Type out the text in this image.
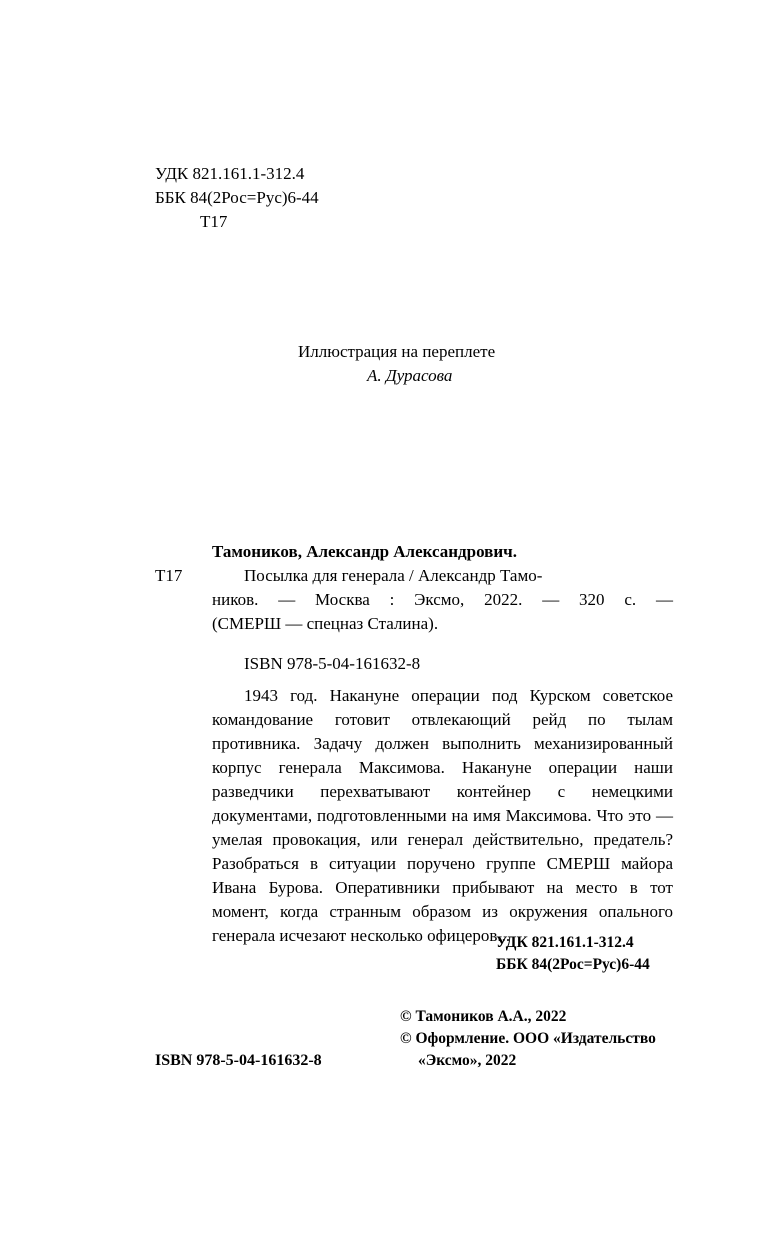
УДК 821.161.1-312.4
ББК 84(2Рос=Рус)6-44
Т17
Иллюстрация на переплете
А. Дурасова
Тамоников, Александр Александрович.
Т17	Посылка для генерала / Александр Тамо-
ников. — Москва : Эксмо, 2022. — 320 с. —
(СМЕРШ — спецназ Сталина).
ISBN 978-5-04-161632-8
1943 год. Накануне операции под Курском советское командование готовит отвлекающий рейд по тылам противника. Задачу должен выполнить механизированный корпус генерала Максимова. Накануне операции наши разведчики перехватывают контейнер с немецкими документами, подготовленными на имя Максимова. Что это — умелая провокация, или генерал действительно, предатель? Разобраться в ситуации поручено группе СМЕРШ майора Ивана Бурова. Оперативники прибывают на место в тот момент, когда странным образом из окружения опального генерала исчезают несколько офицеров...
УДК 821.161.1-312.4
ББК 84(2Рос=Рус)6-44
© Тамоников А.А., 2022
© Оформление. ООО «Издательство
«Эксмо», 2022
ISBN 978-5-04-161632-8
